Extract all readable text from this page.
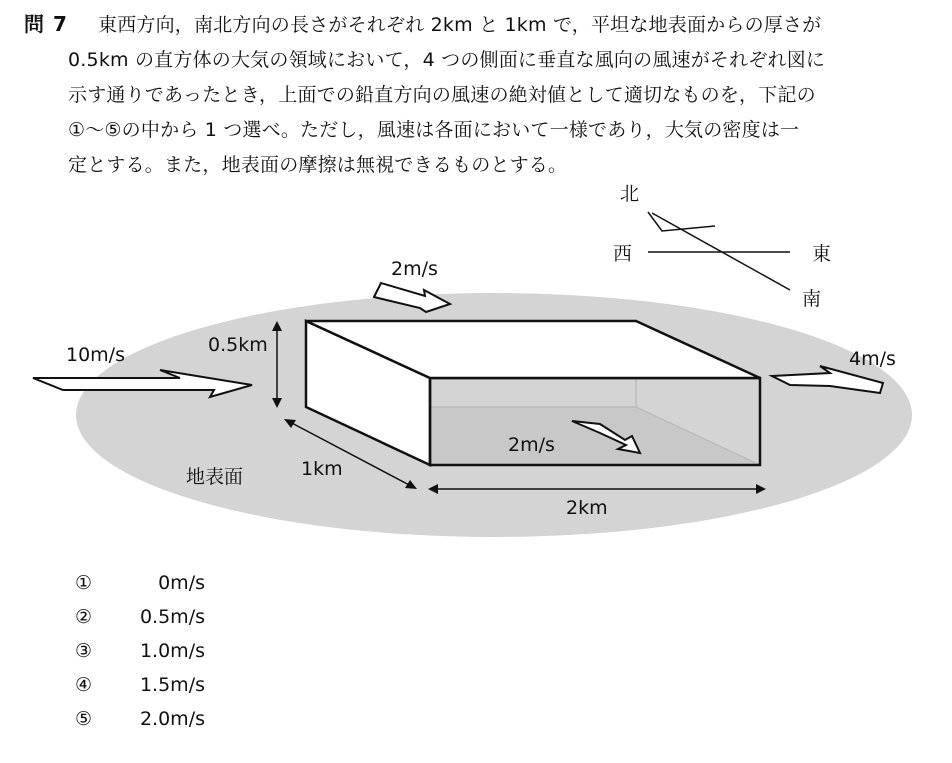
問 7 東西方向，南北方向の長さがそれぞれ 2km と 1km で，平坦な地表面からの厚さが
0.5km の直方体の大気の領域において，4 つの側面に垂直な風向の風速がそれぞれ図に
示す通りであったとき，上面での鉛直方向の風速の絶対値として適切なものを，下記の
①〜⑤の中から 1 つ選べ。ただし，風速は各面において一様であり，大気の密度は一
定とする。また，地表面の摩擦は無視できるものとする。
北
西	東
南
2m/s
10m/s	4m/s
2m/s
0.5km
1km
2km
地表面
①	0m/s
②	0.5m/s
③	1.0m/s
④	1.5m/s
⑤	2.0m/s
